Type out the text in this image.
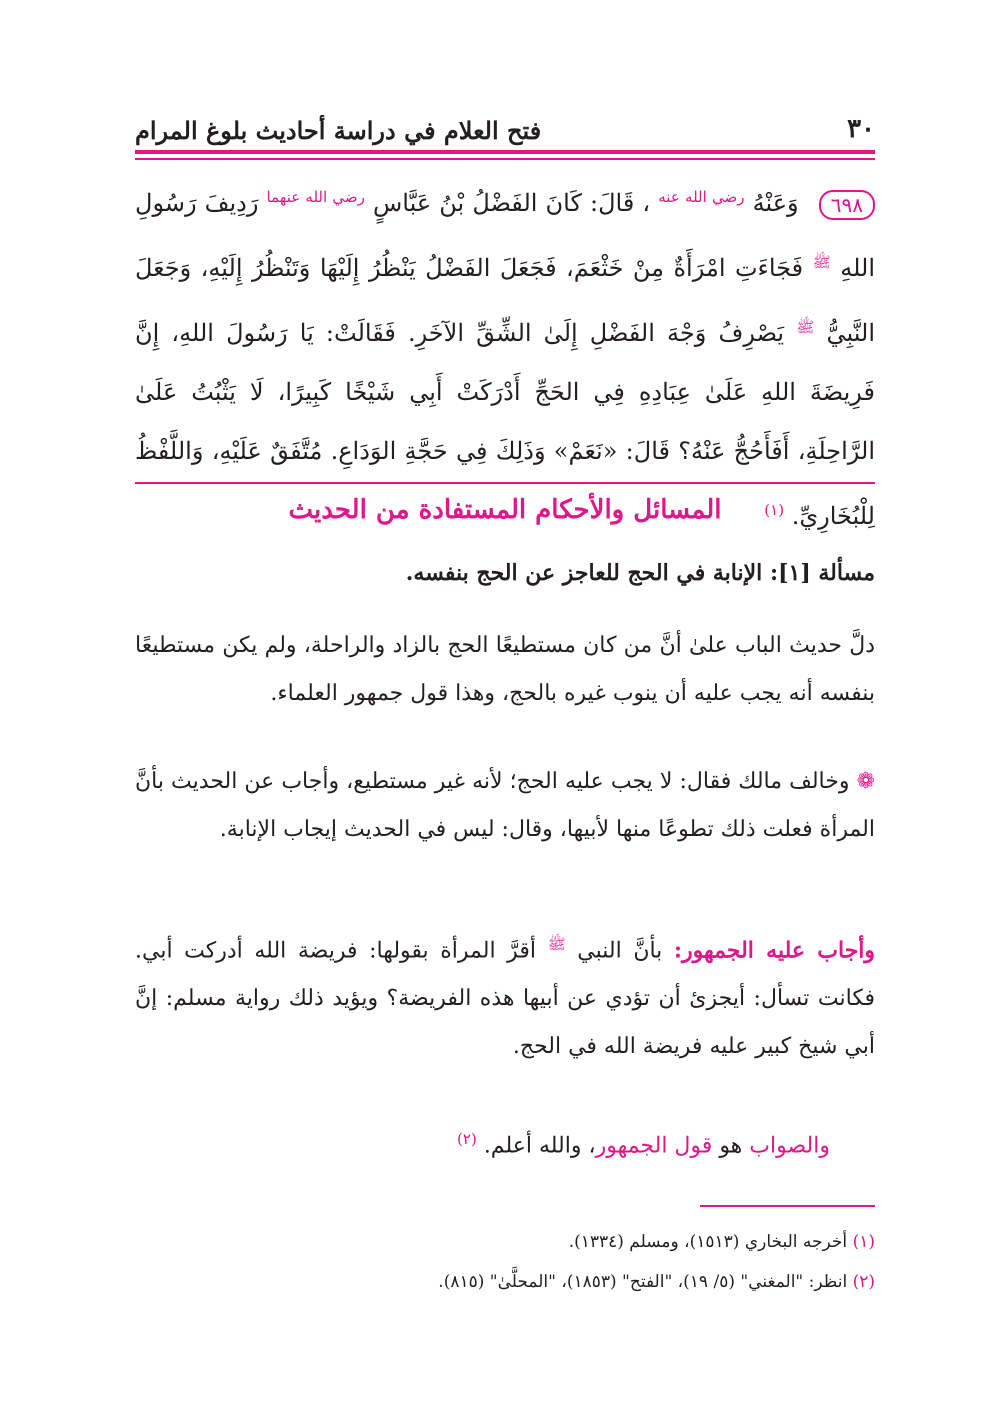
٣٠
فتح العلام في دراسة أحاديث بلوغ المرام
٦٩٨ وَعَنْهُ $^{رضي الله عنه}$ ، قَالَ: كَانَ الفَضْلُ بْنُ عَبَّاسٍ $^{رضي الله عنهما}$ رَدِيفَ رَسُولِ اللهِ $^ﷺ$ فَجَاءَتِ امْرَأَةٌ مِنْ خَثْعَمَ، فَجَعَلَ الفَضْلُ يَنْظُرُ إِلَيْهَا وَتَنْظُرُ إِلَيْهِ، وَجَعَلَ النَّبِيُّ $^ﷺ$ يَصْرِفُ وَجْهَ الفَضْلِ إِلَىٰ الشِّقِّ الآخَرِ. فَقَالَتْ: يَا رَسُولَ اللهِ، إِنَّ فَرِيضَةَ اللهِ عَلَىٰ عِبَادِهِ فِي الحَجِّ أَدْرَكَتْ أَبِي شَيْخًا كَبِيرًا، لَا يَثْبُتُ عَلَىٰ الرَّاحِلَةِ، أَفَأَحُجُّ عَنْهُ؟ قَالَ: «نَعَمْ» وَذَلِكَ فِي حَجَّةِ الوَدَاعِ. مُتَّفَقٌ عَلَيْهِ، وَاللَّفْظُ لِلْبُخَارِيِّ. $^{(١)}$
المسائل والأحكام المستفادة من الحديث
مسألة [١]: الإنابة في الحج للعاجز عن الحج بنفسه.
دلَّ حديث الباب علىٰ أنَّ من كان مستطيعًا الحج بالزاد والراحلة، ولم يكن مستطيعًا بنفسه أنه يجب عليه أن ينوب غيره بالحج، وهذا قول جمهور العلماء.
❁ وخالف مالك فقال: لا يجب عليه الحج؛ لأنه غير مستطيع، وأجاب عن الحديث بأنَّ المرأة فعلت ذلك تطوعًا منها لأبيها، وقال: ليس في الحديث إيجاب الإنابة.
وأجاب عليه الجمهور: بأنَّ النبي $^ﷺ$ أقرَّ المرأة بقولها: فريضة الله أدركت أبي. فكانت تسأل: أيجزئ أن تؤدي عن أبيها هذه الفريضة؟ ويؤيد ذلك رواية مسلم: إنَّ أبي شيخ كبير عليه فريضة الله في الحج.
والصواب هو قول الجمهور، والله أعلم. $^{(٢)}$
(١) أخرجه البخاري (١٥١٣)، ومسلم (١٣٣٤).
(٢) انظر: "المغني" (٥/ ١٩)، "الفتح" (١٨٥٣)، "المحلَّىٰ" (٨١٥).
